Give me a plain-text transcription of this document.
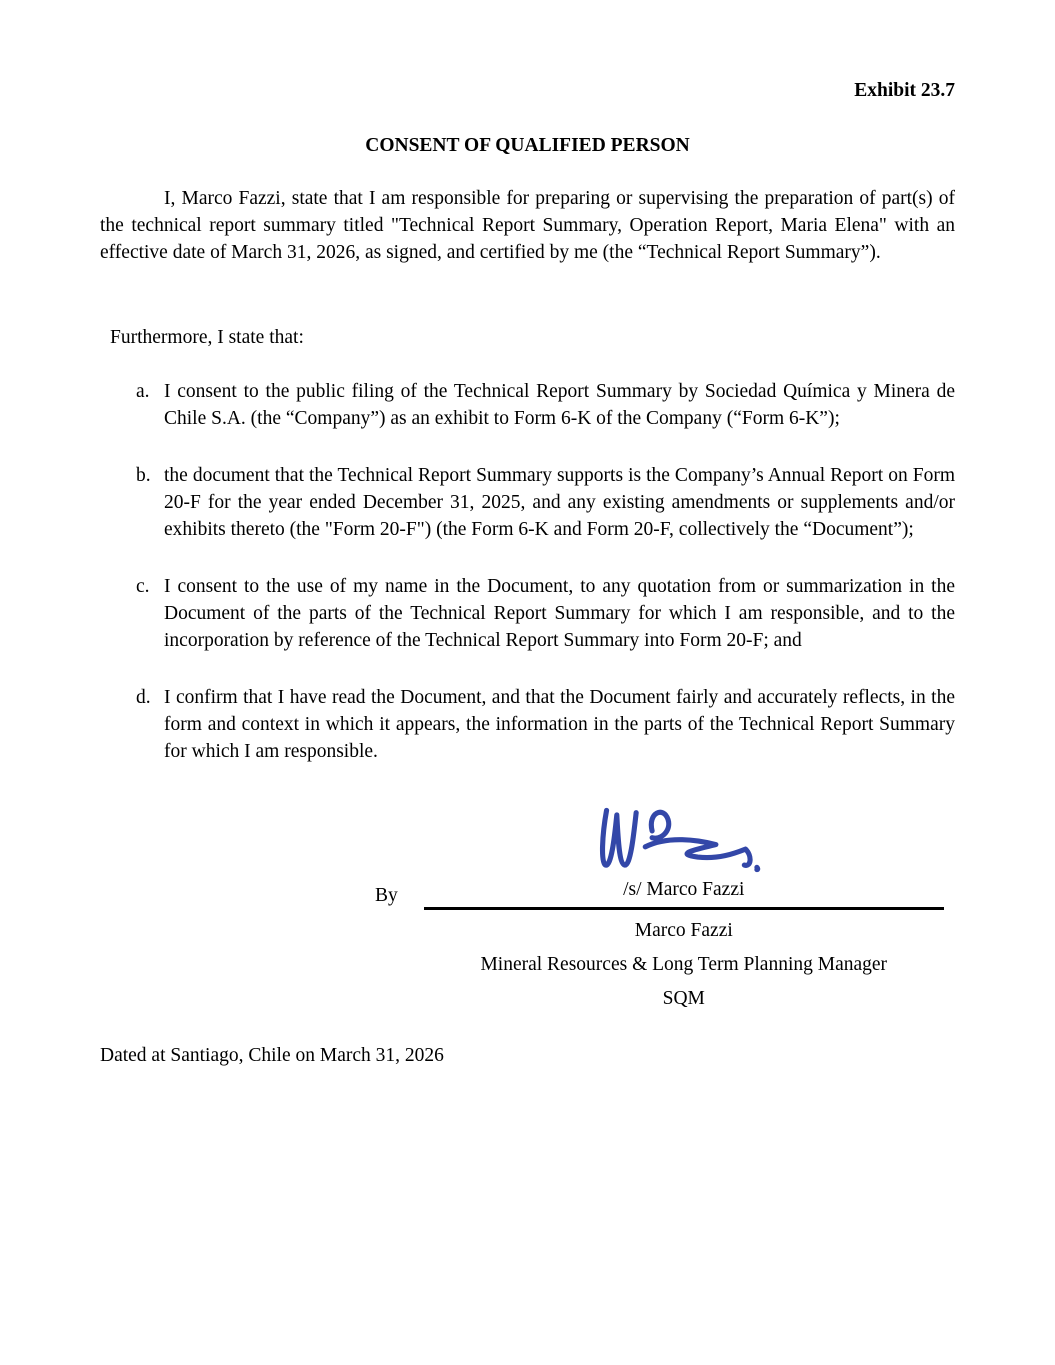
Exhibit 23.7
CONSENT OF QUALIFIED PERSON

I, Marco Fazzi, state that I am responsible for preparing or supervising the preparation of part(s) of the technical report summary titled "Technical Report Summary, Operation Report, Maria Elena" with an effective date of March 31, 2026, as signed, and certified by me (the “Technical Report Summary”).

Furthermore, I state that:
a. I consent to the public filing of the Technical Report Summary by Sociedad Química y Minera de Chile S.A. (the “Company”) as an exhibit to Form 6-K of the Company (“Form 6-K”);
b. the document that the Technical Report Summary supports is the Company’s Annual Report on Form 20-F for the year ended December 31, 2025, and any existing amendments or supplements and/or exhibits thereto (the "Form 20-F") (the Form 6-K and Form 20-F, collectively the “Document”);
c. I consent to the use of my name in the Document, to any quotation from or summarization in the Document of the parts of the Technical Report Summary for which I am responsible, and to the incorporation by reference of the Technical Report Summary into Form 20-F; and
d. I confirm that I have read the Document, and that the Document fairly and accurately reflects, in the form and context in which it appears, the information in the parts of the Technical Report Summary for which I am responsible.
By	/s/ Marco Fazzi
Marco Fazzi
Mineral Resources & Long Term Planning Manager
SQM
Dated at Santiago, Chile on March 31, 2026
